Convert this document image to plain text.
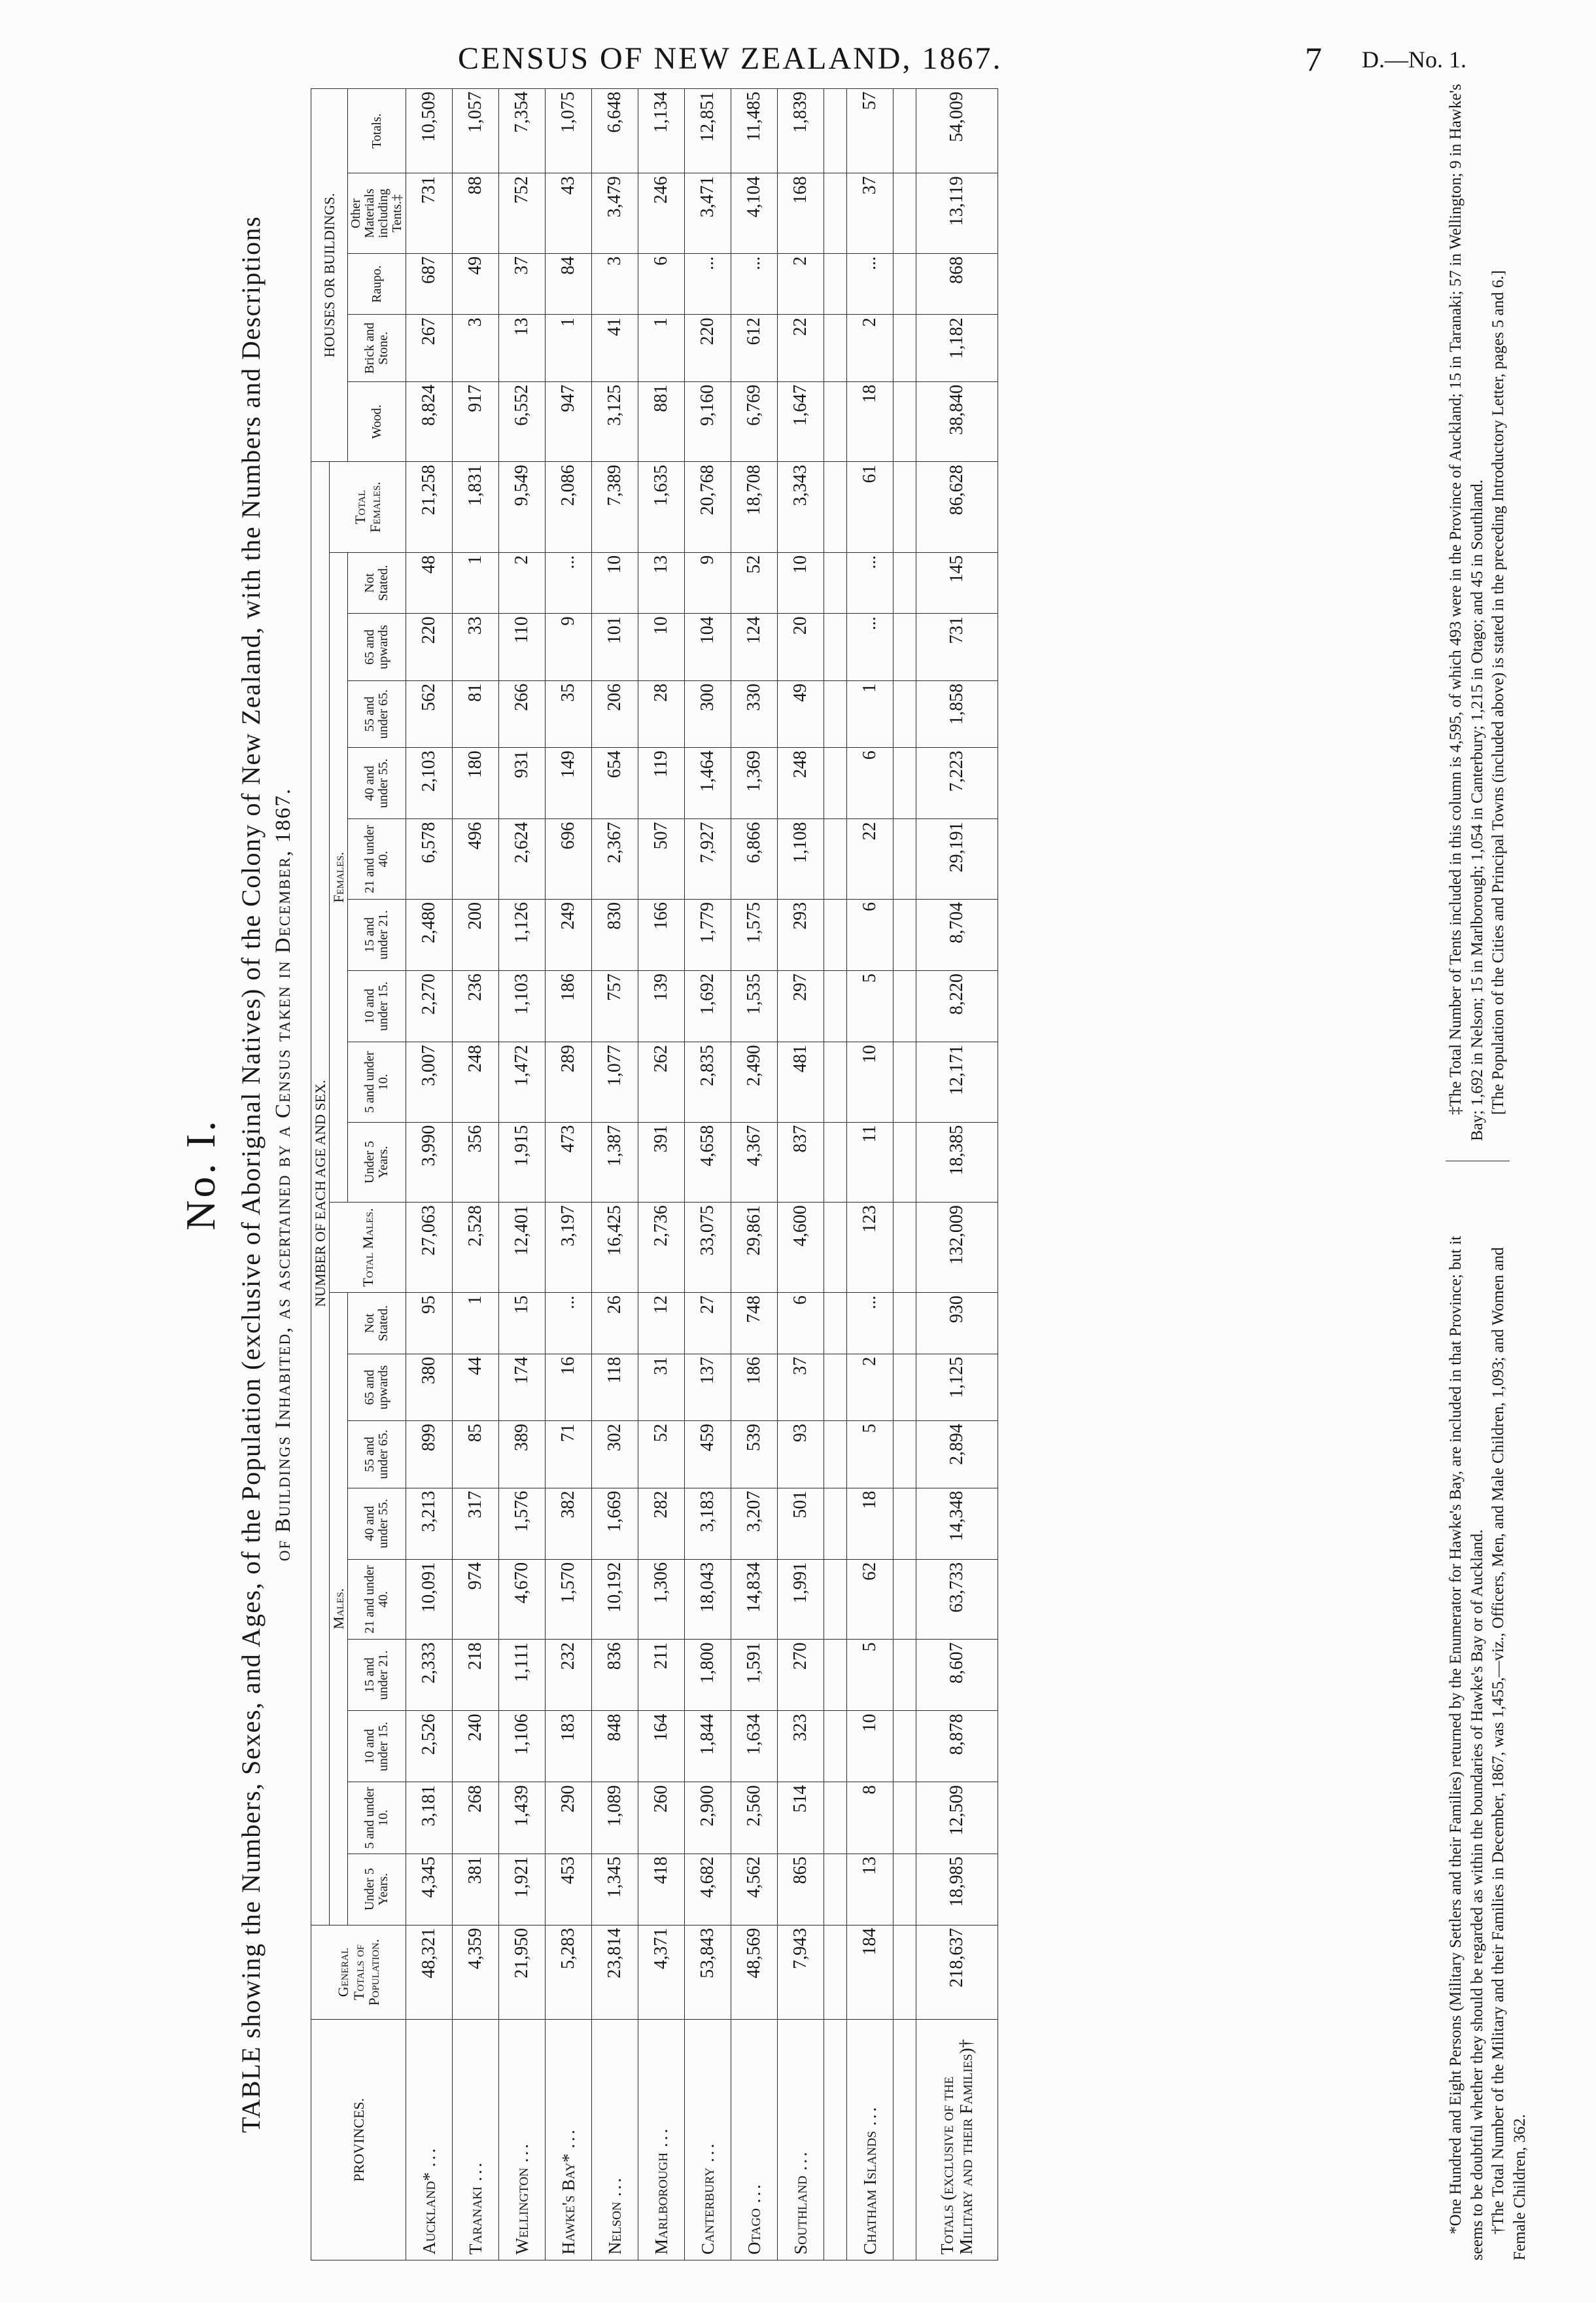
CENSUS OF NEW ZEALAND, 1867.	7 D.—No. 1.
No. I. TABLE showing the Numbers, Sexes, and Ages, of the Population (exclusive of Aboriginal Natives) of the Colony of New Zealand, with the Numbers and Descriptions of Buildings Inhabited, as ascertained by a Census taken in December, 1867.
PROVINCES.	General Totals of Population.	NUMBER OF EACH AGE AND SEX.																				HOUSES OR BUILDINGS.				
		Males.									Total Males.	Females.									Total Females.					
		Under 5 Years.	5 and under 10.	10 and under 15.	15 and under 21.	21 and under 40.	40 and under 55.	55 and under 65.	65 and upwards	Not Stated.		Under 5 Years.	5 and under 10.	10 and under 15.	15 and under 21.	21 and under 40.	40 and under 55.	55 and under 65.	65 and upwards	Not Stated.		Wood.	Brick and Stone.	Raupo.	Other Materials including Tents.‡	Totals.
Auckland*...	48,321	4,345	3,181	2,526	2,333	10,091	3,213	899	380	95	27,063	3,990	3,007	2,270	2,480	6,578	2,103	562	220	48	21,258	8,824	267	687	731	10,509
Taranaki...	4,359	381	268	240	218	974	317	85	44	1	2,528	356	248	236	200	496	180	81	33	1	1,831	917	3	49	88	1,057
Wellington...	21,950	1,921	1,439	1,106	1,111	4,670	1,576	389	174	15	12,401	1,915	1,472	1,103	1,126	2,624	931	266	110	2	9,549	6,552	13	37	752	7,354
Hawke's Bay*...	5,283	453	290	183	232	1,570	382	71	16	...	3,197	473	289	186	249	696	149	35	9	...	2,086	947	1	84	43	1,075
Nelson...	23,814	1,345	1,089	848	836	10,192	1,669	302	118	26	16,425	1,387	1,077	757	830	2,367	654	206	101	10	7,389	3,125	41	3	3,479	6,648
Marlborough...	4,371	418	260	164	211	1,306	282	52	31	12	2,736	391	262	139	166	507	119	28	10	13	1,635	881	1	6	246	1,134
Canterbury...	53,843	4,682	2,900	1,844	1,800	18,043	3,183	459	137	27	33,075	4,658	2,835	1,692	1,779	7,927	1,464	300	104	9	20,768	9,160	220	...	3,471	12,851
Otago...	48,569	4,562	2,560	1,634	1,591	14,834	3,207	539	186	748	29,861	4,367	2,490	1,535	1,575	6,866	1,369	330	124	52	18,708	6,769	612	...	4,104	11,485
Southland...	7,943	865	514	323	270	1,991	501	93	37	6	4,600	837	481	297	293	1,108	248	49	20	10	3,343	1,647	22	2	168	1,839

Chatham Islands...	184	13	8	10	5	62	18	5	2	...	123	11	10	5	6	22	6	1	...	...	61	18	2	...	37	57

Totals (exclusive of the Military and their Families)†	218,637	18,985	12,509	8,878	8,607	63,733	14,348	2,894	1,125	930	132,009	18,385	12,171	8,220	8,704	29,191	7,223	1,858	731	145	86,628	38,840	1,182	868	13,119	54,009

*One Hundred and Eight Persons (Military Settlers and their Families) returned by the Enumerator for Hawke's Bay, are included in that Province; but it seems to be doubtful whether they should be regarded as within the boundaries of Hawke's Bay or of Auckland. †The Total Number of the Military and their Families in December, 1867, was 1,455,—viz., Officers, Men, and Male Children, 1,093; and Women and Female Children, 362.

‡The Total Number of Tents included in this column is 4,595, of which 493 were in the Province of Auckland; 15 in Taranaki; 57 in Wellington; 9 in Hawke's Bay; 1,692 in Nelson; 15 in Marlborough; 1,054 in Canterbury; 1,215 in Otago; and 45 in Southland. [The Population of the Cities and Principal Towns (included above) is stated in the preceding Introductory Letter, pages 5 and 6.]
